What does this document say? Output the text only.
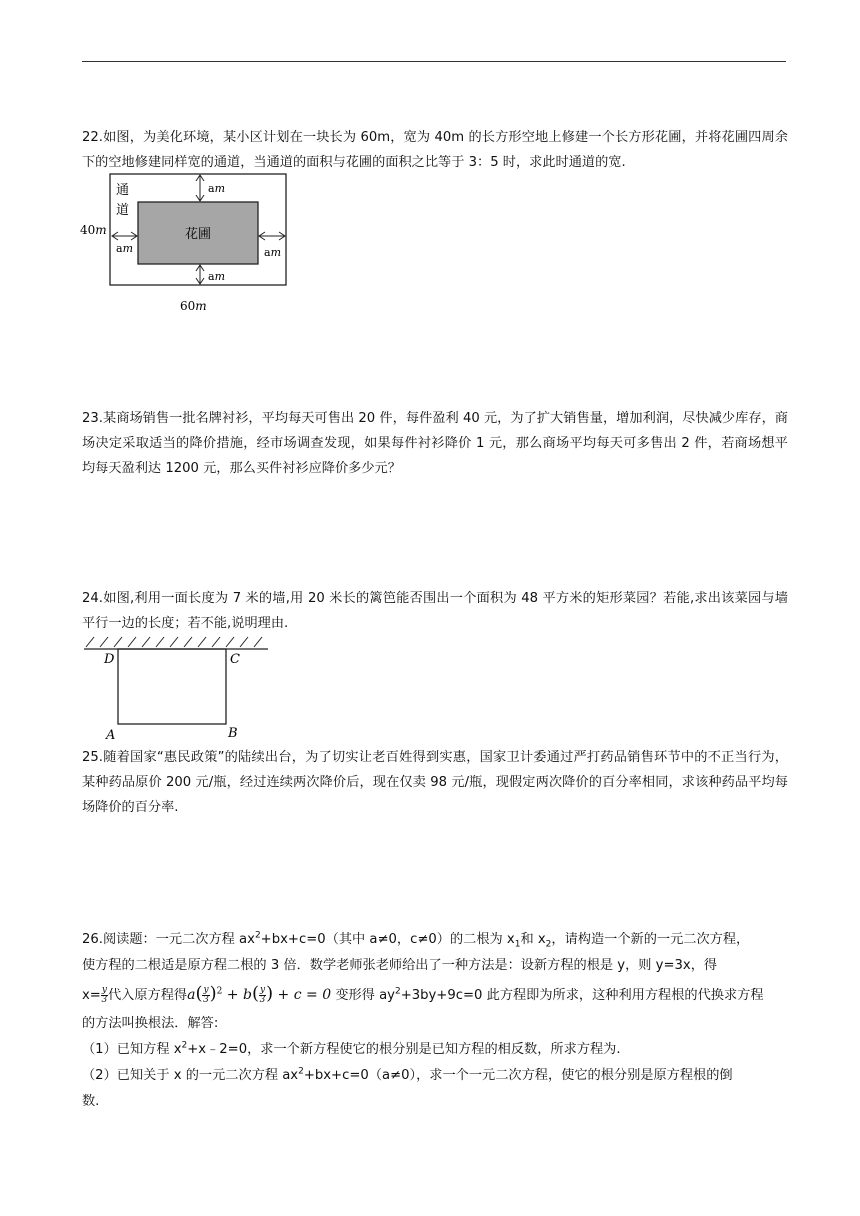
22.如图，为美化环境，某小区计划在一块长为 60m，宽为 40m 的长方形空地上修建一个长方形花圃，并将花圃四周余下的空地修建同样宽的通道，当通道的面积与花圃的面积之比等于 3：5 时，求此时通道的宽.
花圃
通
道
am
am
am	am
40m
60m
23.某商场销售一批名牌衬衫，平均每天可售出 20 件，每件盈利 40 元，为了扩大销售量，增加利润，尽快减少库存，商场决定采取适当的降价措施，经市场调查发现，如果每件衬衫降价 1 元，那么商场平均每天可多售出 2 件，若商场想平均每天盈利达 1200 元，那么买件衬衫应降价多少元？
24.如图,利用一面长度为 7 米的墙,用 20 米长的篱笆能否围出一个面积为 48 平方米的矩形菜园？若能,求出该菜园与墙平行一边的长度；若不能,说明理由.
D	C
A	B
25.随着国家“惠民政策”的陆续出台，为了切实让老百姓得到实惠，国家卫计委通过严打药品销售环节中的不正当行为，某种药品原价 200 元/瓶，经过连续两次降价后，现在仅卖 98 元/瓶，现假定两次降价的百分率相同，求该种药品平均每场降价的百分率.
26.阅读题：一元二次方程 $ax^2+bx+c=0$（其中 a≠0，c≠0）的二根为 $x_1$和 $x_2$，请构造一个新的一元二次方程，
使方程的二根适是原方程二根的 3 倍．数学老师张老师给出了一种方法是：设新方程的根是 y，则 y=3x，得
$x= \frac{y}{3}$ 代入原方程得$a( \frac{y}{3} )^2 + b( \frac{y}{3}$ ) + c = 0 变形得 $ay^2+3by+9c=0$ 此方程即为所求，这种利用方程根的代换求方程
的方法叫换根法．解答:
（1）已知方程 $x^2+x﹣2=0$，求一个新方程使它的根分别是已知方程的相反数，所求方程为.
（2）已知关于 x 的一元二次方程 $ax^2+bx+c=0(a\ne 0)$，求一个一元二次方程，使它的根分别是原方程根的倒
数.
